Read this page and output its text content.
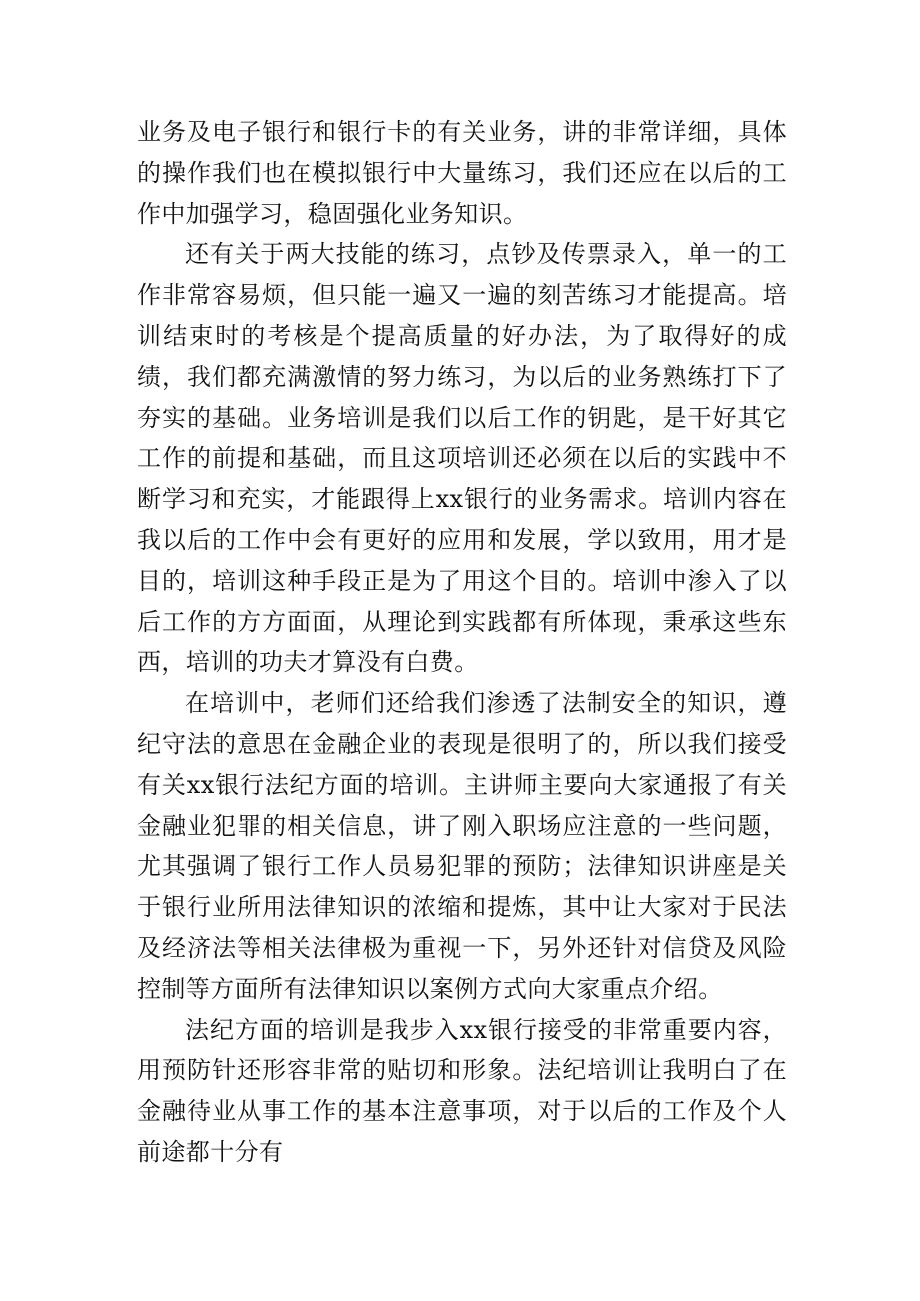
业务及电子银行和银行卡的有关业务，讲的非常详细，具体的操作我们也在模拟银行中大量练习，我们还应在以后的工作中加强学习，稳固强化业务知识。

还有关于两大技能的练习，点钞及传票录入，单一的工作非常容易烦，但只能一遍又一遍的刻苦练习才能提高。培训结束时的考核是个提高质量的好办法，为了取得好的成绩，我们都充满激情的努力练习，为以后的业务熟练打下了夯实的基础。业务培训是我们以后工作的钥匙，是干好其它工作的前提和基础，而且这项培训还必须在以后的实践中不断学习和充实，才能跟得上xx银行的业务需求。培训内容在我以后的工作中会有更好的应用和发展，学以致用，用才是目的，培训这种手段正是为了用这个目的。培训中渗入了以后工作的方方面面，从理论到实践都有所体现，秉承这些东西，培训的功夫才算没有白费。

在培训中，老师们还给我们渗透了法制安全的知识，遵纪守法的意思在金融企业的表现是很明了的，所以我们接受有关xx银行法纪方面的培训。主讲师主要向大家通报了有关金融业犯罪的相关信息，讲了刚入职场应注意的一些问题，尤其强调了银行工作人员易犯罪的预防；法律知识讲座是关于银行业所用法律知识的浓缩和提炼，其中让大家对于民法及经济法等相关法律极为重视一下，另外还针对信贷及风险控制等方面所有法律知识以案例方式向大家重点介绍。

法纪方面的培训是我步入xx银行接受的非常重要内容，用预防针还形容非常的贴切和形象。法纪培训让我明白了在金融待业从事工作的基本注意事项，对于以后的工作及个人前途都十分有
